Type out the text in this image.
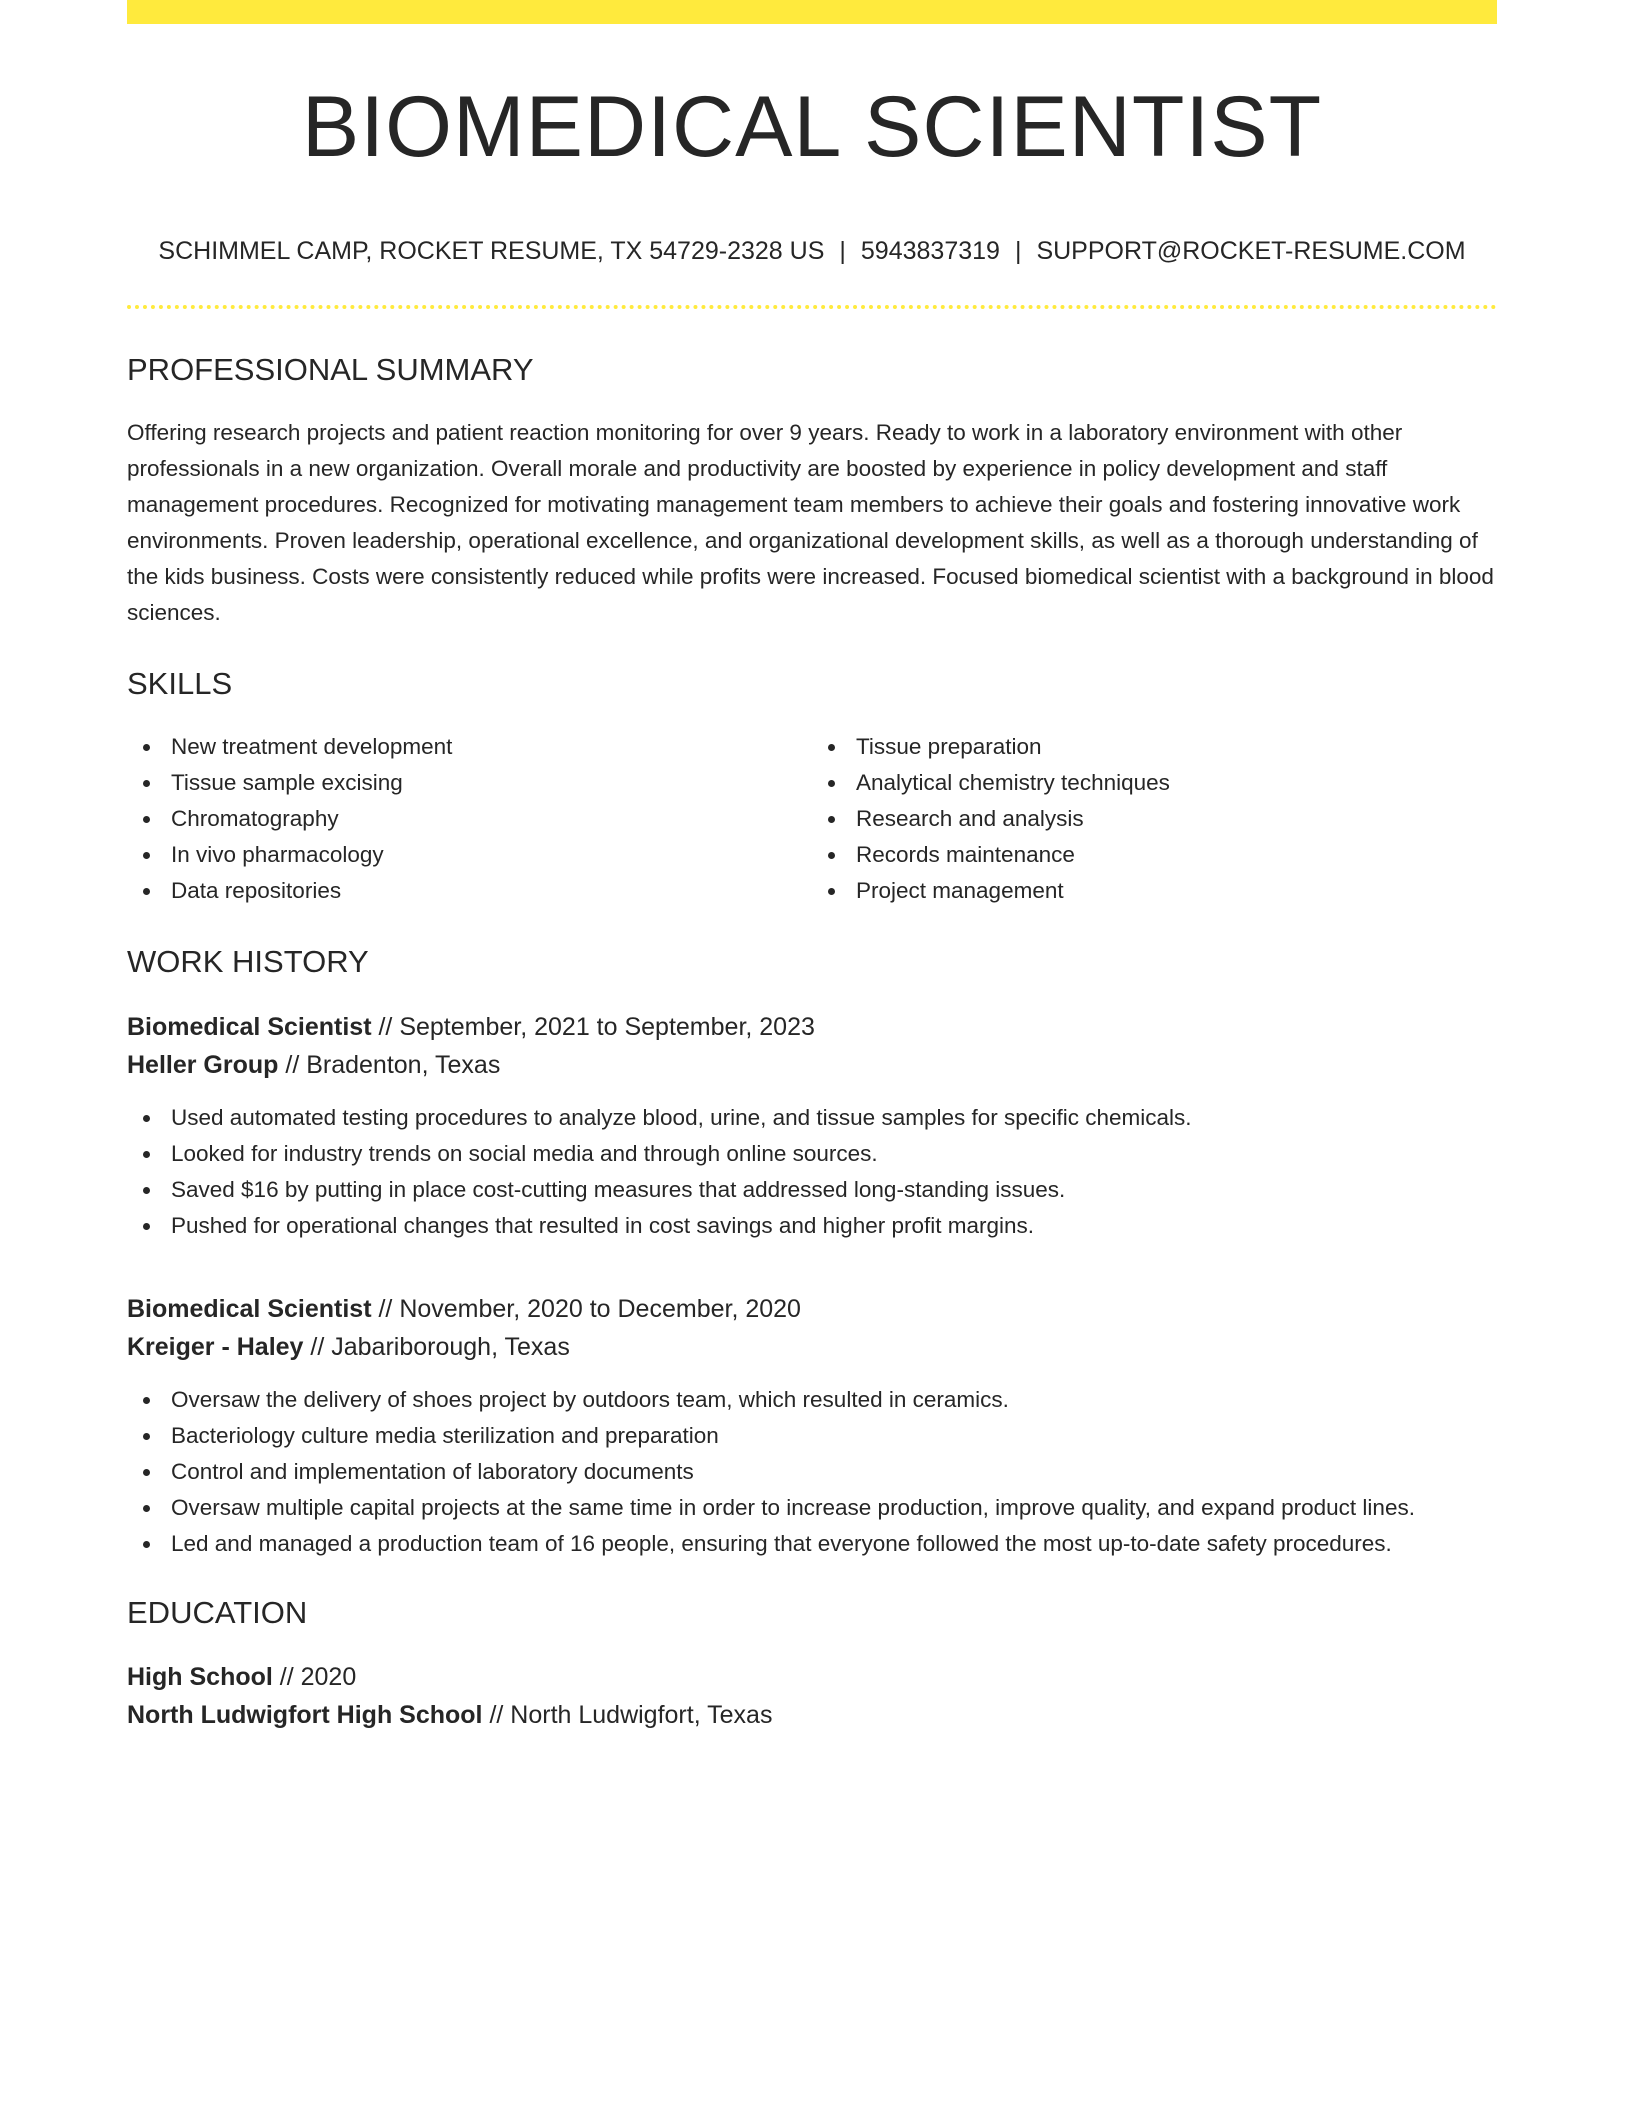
BIOMEDICAL SCIENTIST
SCHIMMEL CAMP, ROCKET RESUME, TX 54729-2328 US | 5943837319 | SUPPORT@ROCKET-RESUME.COM
PROFESSIONAL SUMMARY

Offering research projects and patient reaction monitoring for over 9 years. Ready to work in a laboratory environment with other professionals in a new organization. Overall morale and productivity are boosted by experience in policy development and staff management procedures. Recognized for motivating management team members to achieve their goals and fostering innovative work environments. Proven leadership, operational excellence, and organizational development skills, as well as a thorough understanding of the kids business. Costs were consistently reduced while profits were increased. Focused biomedical scientist with a background in blood sciences.

SKILLS
New treatment development
Tissue sample excising
Chromatography
In vivo pharmacology
Data repositories
Tissue preparation
Analytical chemistry techniques
Research and analysis
Records maintenance
Project management
WORK HISTORY
Biomedical Scientist // September, 2021 to September, 2023
Heller Group // Bradenton, Texas
Used automated testing procedures to analyze blood, urine, and tissue samples for specific chemicals.
Looked for industry trends on social media and through online sources.
Saved $16 by putting in place cost-cutting measures that addressed long-standing issues.
Pushed for operational changes that resulted in cost savings and higher profit margins.
Biomedical Scientist // November, 2020 to December, 2020
Kreiger - Haley // Jabariborough, Texas
Oversaw the delivery of shoes project by outdoors team, which resulted in ceramics.
Bacteriology culture media sterilization and preparation
Control and implementation of laboratory documents
Oversaw multiple capital projects at the same time in order to increase production, improve quality, and expand product lines.
Led and managed a production team of 16 people, ensuring that everyone followed the most up-to-date safety procedures.
EDUCATION
High School // 2020
North Ludwigfort High School // North Ludwigfort, Texas
